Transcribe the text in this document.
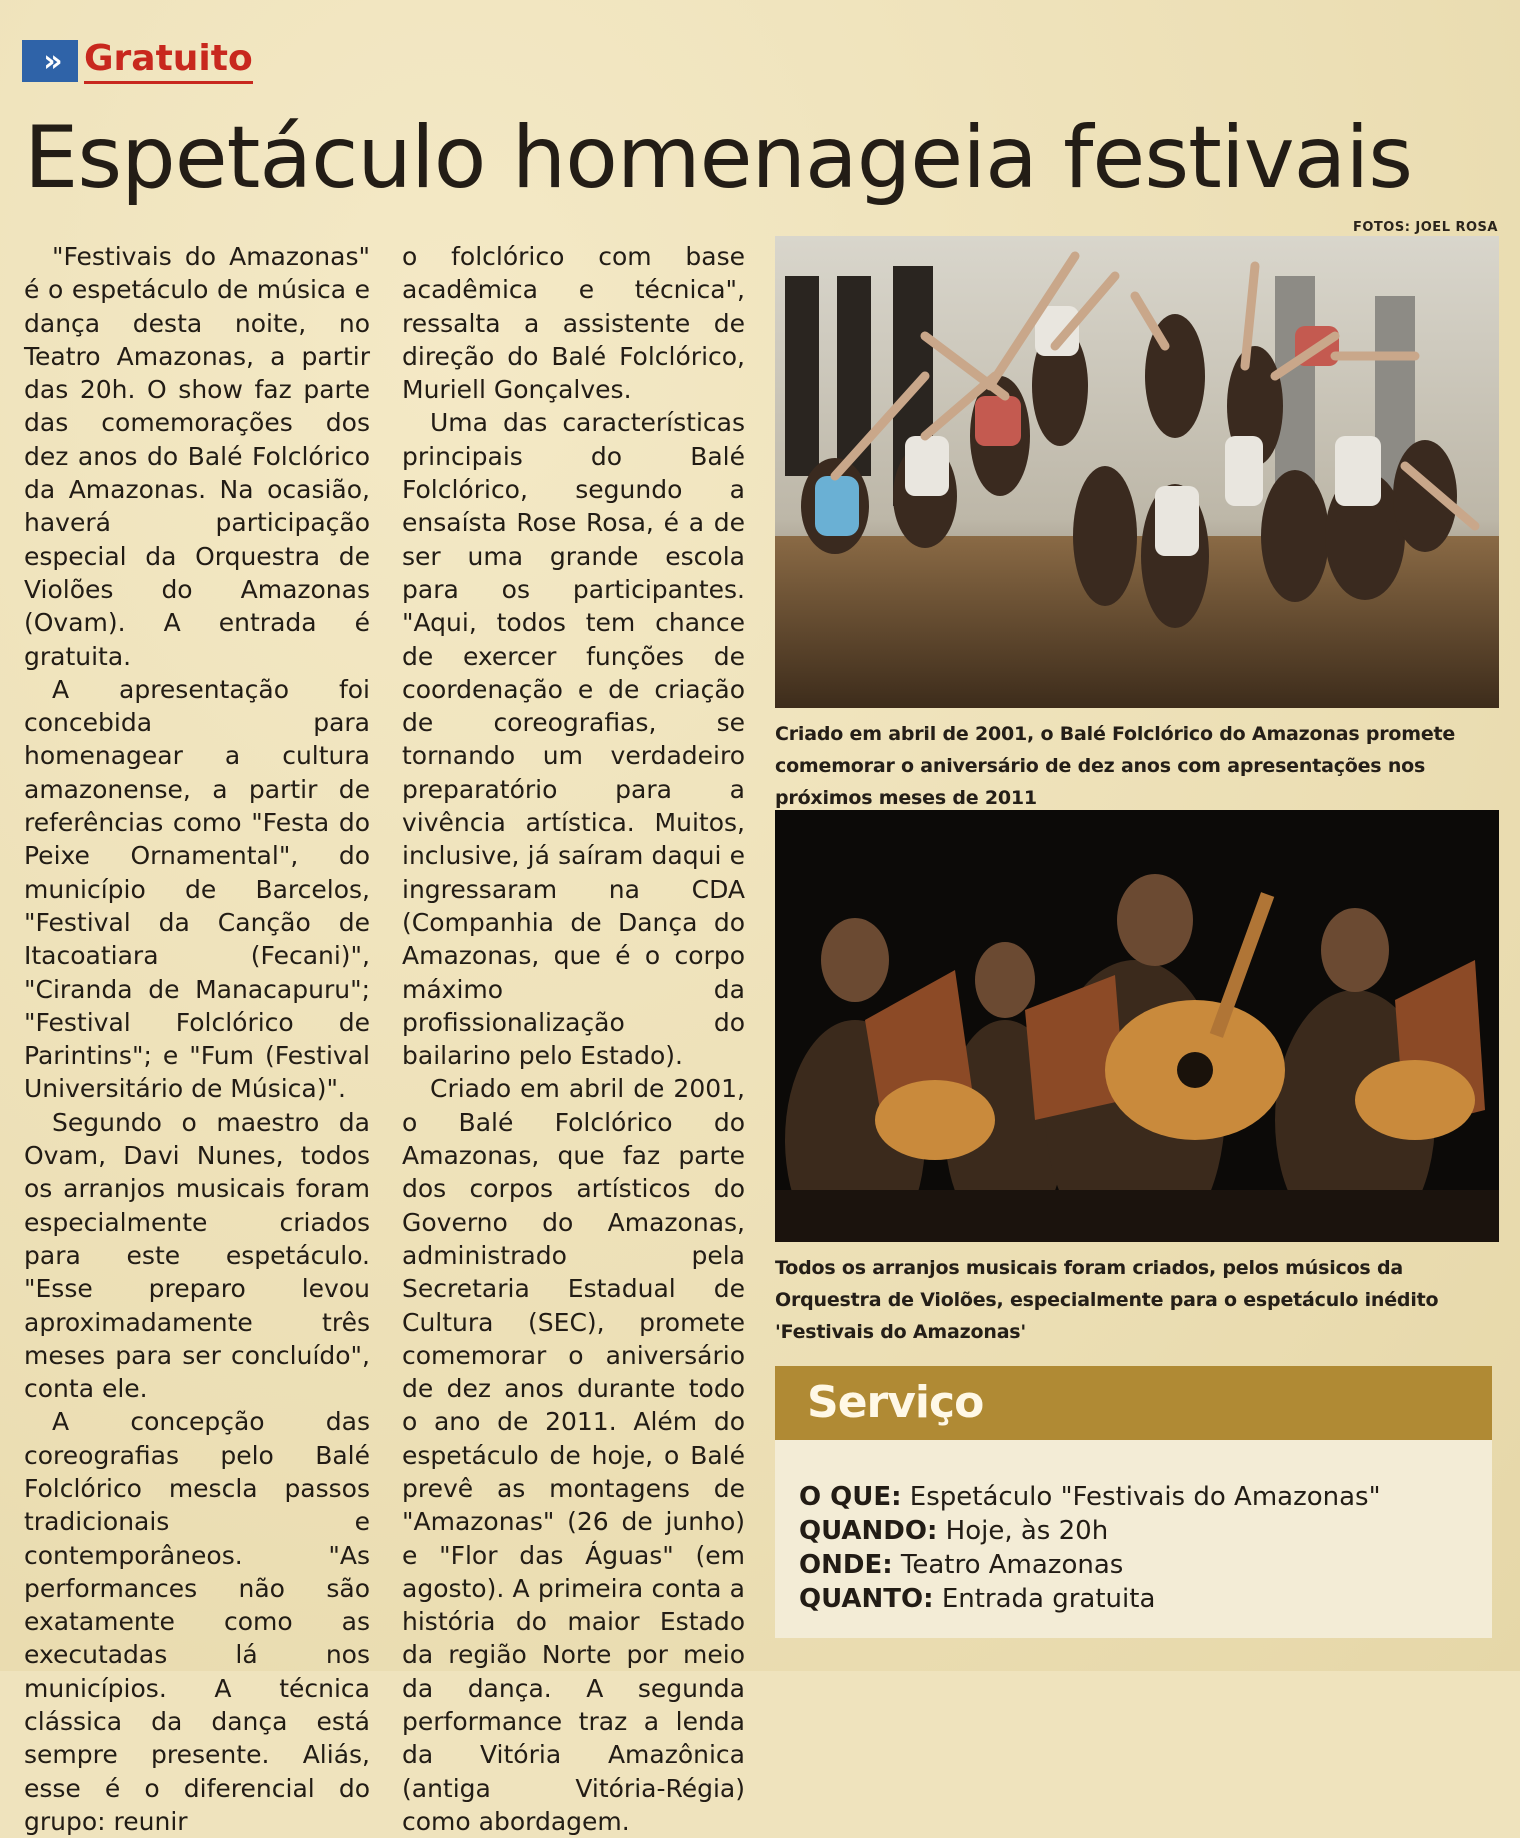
» Gratuito
Espetáculo homenageia festivais
FOTOS: JOEL ROSA

"Festivais do Amazonas" é o espetáculo de música e dança desta noite, no Teatro Amazonas, a partir das 20h. O show faz parte das comemorações dos dez anos do Balé Folclórico da Amazonas. Na ocasião, haverá participação especial da Orquestra de Violões do Amazonas (Ovam). A entrada é gratuita.

A apresentação foi concebida para homenagear a cultura amazonense, a partir de referências como "Festa do Peixe Ornamental", do município de Barcelos, "Festival da Canção de Itacoatiara (Fecani)", "Ciranda de Manacapuru"; "Festival Folclórico de Parintins"; e "Fum (Festival Universitário de Música)".

Segundo o maestro da Ovam, Davi Nunes, todos os arranjos musicais foram especialmente criados para este espetáculo. "Esse preparo levou aproximadamente três meses para ser concluído", conta ele.

A concepção das coreografias pelo Balé Folclórico mescla passos tradicionais e contemporâneos. "As performances não são exatamente como as executadas lá nos municípios. A técnica clássica da dança está sempre presente. Aliás, esse é o diferencial do grupo: reunir

o folclórico com base acadêmica e técnica", ressalta a assistente de direção do Balé Folclórico, Muriell Gonçalves.

Uma das características principais do Balé Folclórico, segundo a ensaísta Rose Rosa, é a de ser uma grande escola para os participantes. "Aqui, todos tem chance de exercer funções de coordenação e de criação de coreografias, se tornando um verdadeiro preparatório para a vivência artística. Muitos, inclusive, já saíram daqui e ingressaram na CDA (Companhia de Dança do Amazonas, que é o corpo máximo da profissionalização do bailarino pelo Estado).

Criado em abril de 2001, o Balé Folclórico do Amazonas, que faz parte dos corpos artísticos do Governo do Amazonas, administrado pela Secretaria Estadual de Cultura (SEC), promete comemorar o aniversário de dez anos durante todo o ano de 2011. Além do espetáculo de hoje, o Balé prevê as montagens de "Amazonas" (26 de junho) e "Flor das Águas" (em agosto). A primeira conta a história do maior Estado da região Norte por meio da dança. A segunda performance traz a lenda da Vitória Amazônica (antiga Vitória-Régia) como abordagem.

Criado em abril de 2001, o Balé Folclórico do Amazonas promete comemorar o aniversário de dez anos com apresentações nos próximos meses de 2011
Todos os arranjos musicais foram criados, pelos músicos da Orquestra de Violões, especialmente para o espetáculo inédito 'Festivais do Amazonas'
Serviço
O QUE: Espetáculo "Festivais do Amazonas"
QUANDO: Hoje, às 20h
ONDE: Teatro Amazonas
QUANTO: Entrada gratuita
